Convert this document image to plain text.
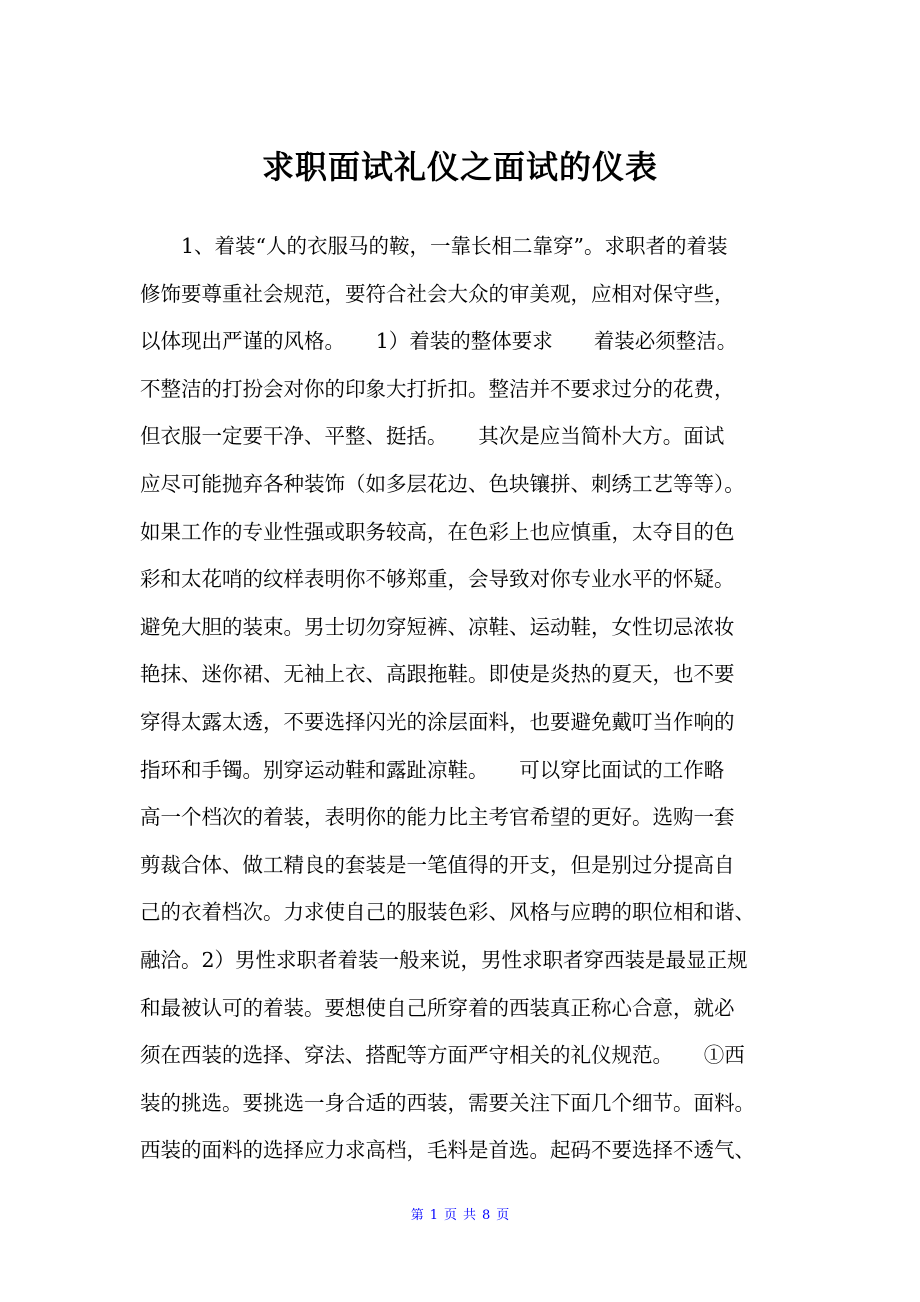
求职面试礼仪之面试的仪表
　　1、着装“人的衣服马的鞍，一靠长相二靠穿”。求职者的着装
修饰要尊重社会规范，要符合社会大众的审美观，应相对保守些，
以体现出严谨的风格。　　1）着装的整体要求　　着装必须整洁。
不整洁的打扮会对你的印象大打折扣。整洁并不要求过分的花费，
但衣服一定要干净、平整、挺括。　　其次是应当简朴大方。面试
应尽可能抛弃各种装饰（如多层花边、色块镶拼、刺绣工艺等等）。
如果工作的专业性强或职务较高，在色彩上也应慎重，太夺目的色
彩和太花哨的纹样表明你不够郑重，会导致对你专业水平的怀疑。
避免大胆的装束。男士切勿穿短裤、凉鞋、运动鞋，女性切忌浓妆
艳抹、迷你裙、无袖上衣、高跟拖鞋。即使是炎热的夏天，也不要
穿得太露太透，不要选择闪光的涂层面料，也要避免戴叮当作响的
指环和手镯。别穿运动鞋和露趾凉鞋。　　可以穿比面试的工作略
高一个档次的着装，表明你的能力比主考官希望的更好。选购一套
剪裁合体、做工精良的套装是一笔值得的开支，但是别过分提高自
己的衣着档次。力求使自己的服装色彩、风格与应聘的职位相和谐、
融洽。2）男性求职者着装一般来说，男性求职者穿西装是最显正规
和最被认可的着装。要想使自己所穿着的西装真正称心合意，就必
须在西装的选择、穿法、搭配等方面严守相关的礼仪规范。　　①西
装的挑选。要挑选一身合适的西装，需要关注下面几个细节。面料。
西装的面料的选择应力求高档，毛料是首选。起码不要选择不透气、
第 1 页 共 8 页
